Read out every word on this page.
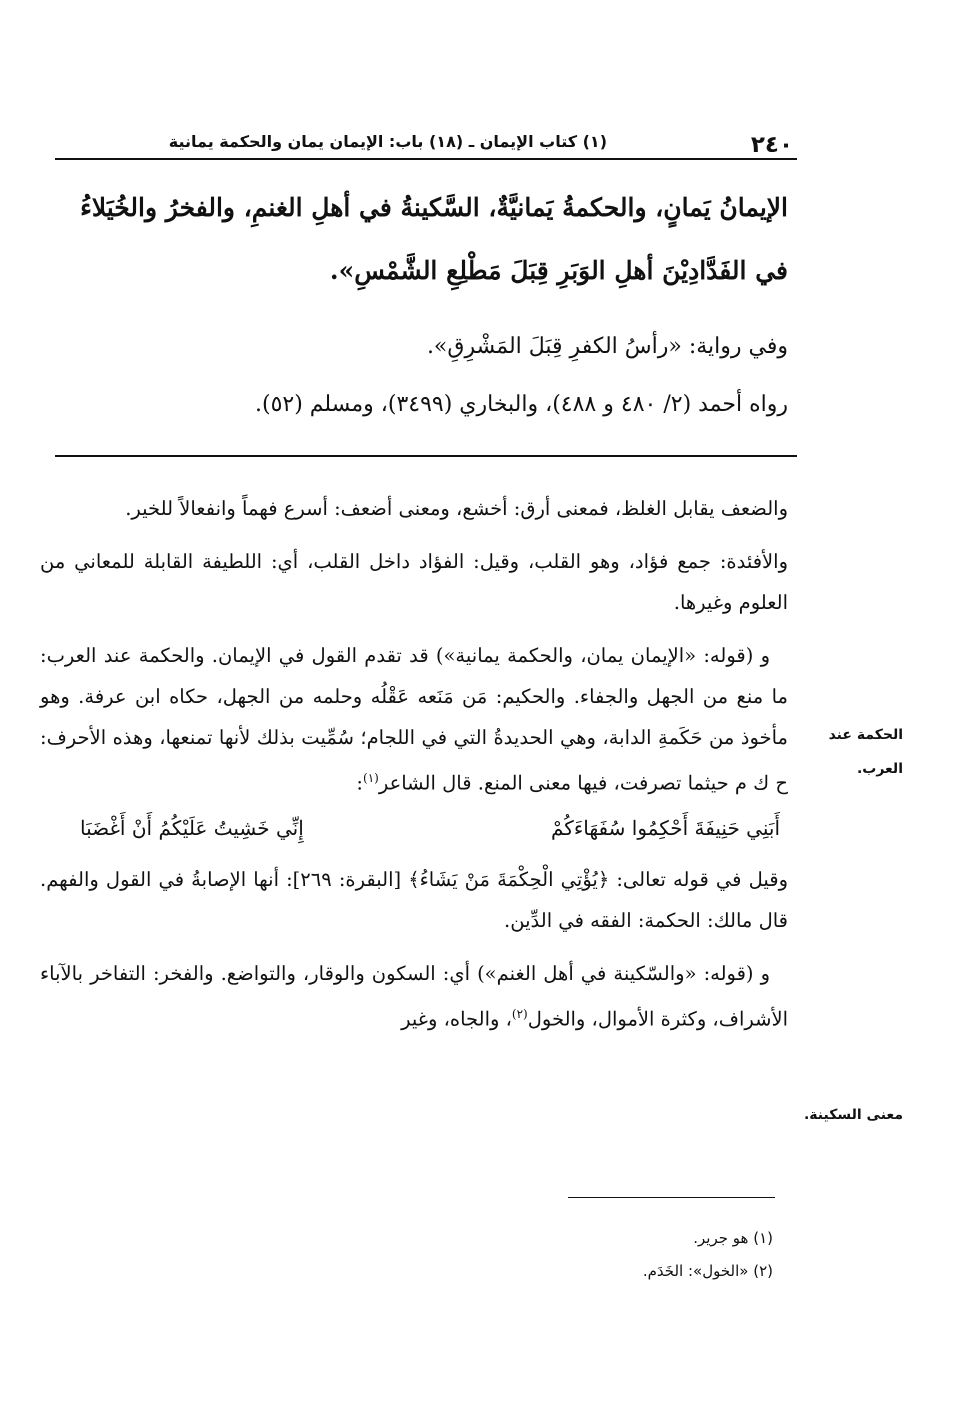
٢٤٠
(١) كتاب الإيمان ـ (١٨) باب: الإيمان يمان والحكمة يمانية
الإيمانُ يَمانٍ، والحكمةُ يَمانيَّةٌ، السَّكينةُ في أهلِ الغنمِ، والفخرُ والخُيَلاءُ
في الفَدَّادِيْنَ أهلِ الوَبَرِ قِبَلَ مَطْلِعِ الشَّمْسِ».

وفي رواية: «رأسُ الكفرِ قِبَلَ المَشْرِقِ».

رواه أحمد (٢/ ٤٨٠ و ٤٨٨)، والبخاري (٣٤٩٩)، ومسلم (٥٢).

الحكمة عند العرب.
معنى السكينة.

والضعف يقابل الغلظ، فمعنى أرق: أخشع، ومعنى أضعف: أسرع فهماً وانفعالاً للخير.

والأفئدة: جمع فؤاد، وهو القلب، وقيل: الفؤاد داخل القلب، أي: اللطيفة القابلة للمعاني من العلوم وغيرها.

و (قوله: «الإيمان يمان، والحكمة يمانية») قد تقدم القول في الإيمان. والحكمة عند العرب: ما منع من الجهل والجفاء. والحكيم: مَن مَنَعه عَقْلُه وحلمه من الجهل، حكاه ابن عرفة. وهو مأخوذ من حَكَمةِ الدابة، وهي الحديدةُ التي في اللجام؛ سُمِّيت بذلك لأنها تمنعها، وهذه الأحرف: ح ك م حيثما تصرفت، فيها معنى المنع. قال الشاعر$^{(١)}$:

أَبَنِي حَنِيفَةَ أَحْكِمُوا سُفَهَاءَكُمْ
إِنِّي خَشِيتُ عَلَيْكُمُ أَنْ أَغْضَبَا

وقيل في قوله تعالى: ﴿يُؤْتِي الْحِكْمَةَ مَنْ يَشَاءُ﴾ [البقرة: ٢٦٩]: أنها الإصابةُ في القول والفهم. قال مالك: الحكمة: الفقه في الدِّين.

و (قوله: «والسّكينة في أهل الغنم») أي: السكون والوقار، والتواضع. والفخر: التفاخر بالآباء الأشراف، وكثرة الأموال، والخول$^{(٢)}$، والجاه، وغير

(١) هو جرير.

(٢) «الخول»: الخَدَم.
